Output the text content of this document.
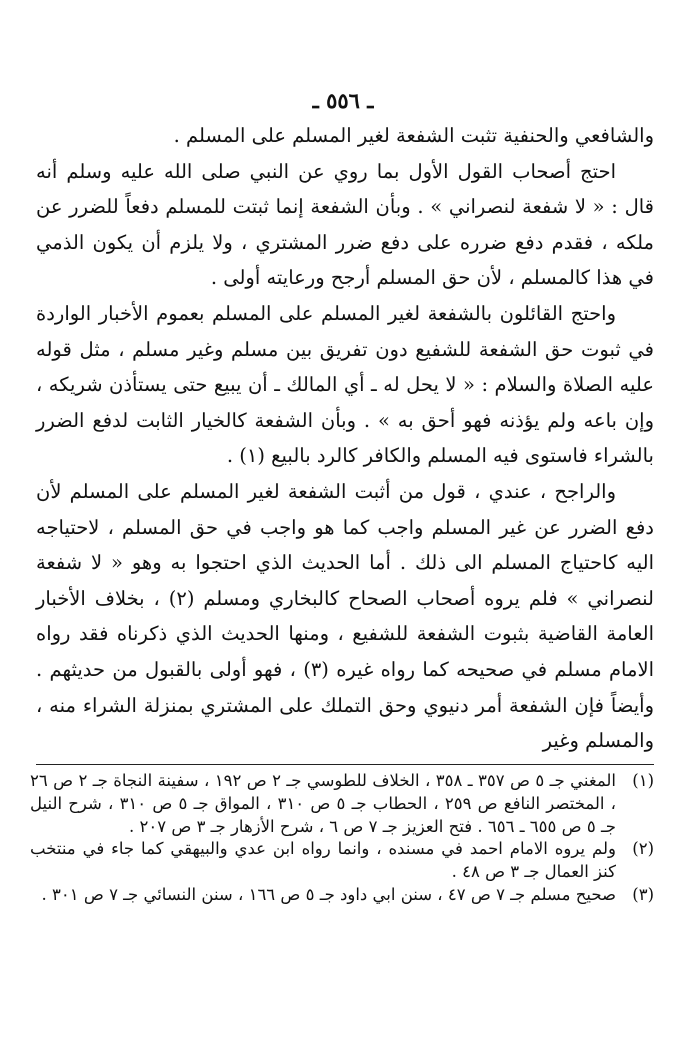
ـ ٥٥٦ ـ

والشافعي والحنفية تثبت الشفعة لغير المسلم على المسلم .

احتج أصحاب القول الأول بما روي عن النبي صلى الله عليه وسلم أنه قال : « لا شفعة لنصراني » . وبأن الشفعة إنما ثبتت للمسلم دفعاً للضرر عن ملكه ، فقدم دفع ضرره على دفع ضرر المشتري ، ولا يلزم أن يكون الذمي في هذا كالمسلم ، لأن حق المسلم أرجح ورعايته أولى .

واحتج القائلون بالشفعة لغير المسلم على المسلم بعموم الأخبار الواردة في ثبوت حق الشفعة للشفيع دون تفريق بين مسلم وغير مسلم ، مثل قوله عليه الصلاة والسلام : « لا يحل له ـ أي المالك ـ أن يبيع حتى يستأذن شريكه ، وإن باعه ولم يؤذنه فهو أحق به » . وبأن الشفعة كالخيار الثابت لدفع الضرر بالشراء فاستوى فيه المسلم والكافر كالرد بالبيع (١) .

والراجح ، عندي ، قول من أثبت الشفعة لغير المسلم على المسلم لأن دفع الضرر عن غير المسلم واجب كما هو واجب في حق المسلم ، لاحتياجه اليه كاحتياج المسلم الى ذلك . أما الحديث الذي احتجوا به وهو « لا شفعة لنصراني » فلم يروه أصحاب الصحاح كالبخاري ومسلم (٢) ، بخلاف الأخبار العامة القاضية بثبوت الشفعة للشفيع ، ومنها الحديث الذي ذكرناه فقد رواه الامام مسلم في صحيحه كما رواه غيره (٣) ، فهو أولى بالقبول من حديثهم . وأيضاً فإن الشفعة أمر دنيوي وحق التملك على المشتري بمنزلة الشراء منه ، والمسلم وغير

(١)
المغني جـ ٥ ص ٣٥٧ ـ ٣٥٨ ، الخلاف للطوسي جـ ٢ ص ١٩٢ ، سفينة النجاة جـ ٢ ص ٢٦ ، المختصر النافع ص ٢٥٩ ، الحطاب جـ ٥ ص ٣١٠ ، المواق جـ ٥ ص ٣١٠ ، شرح النيل جـ ٥ ص ٦٥٥ ـ ٦٥٦ . فتح العزيز جـ ٧ ص ٦ ، شرح الأزهار جـ ٣ ص ٢٠٧ .
(٢)
ولم يروه الامام احمد في مسنده ، وانما رواه ابن عدي والبيهقي كما جاء في منتخب كنز العمال جـ ٣ ص ٤٨ .
(٣)
صحيح مسلم جـ ٧ ص ٤٧ ، سنن ابي داود جـ ٥ ص ١٦٦ ، سنن النسائي جـ ٧ ص ٣٠١ .
